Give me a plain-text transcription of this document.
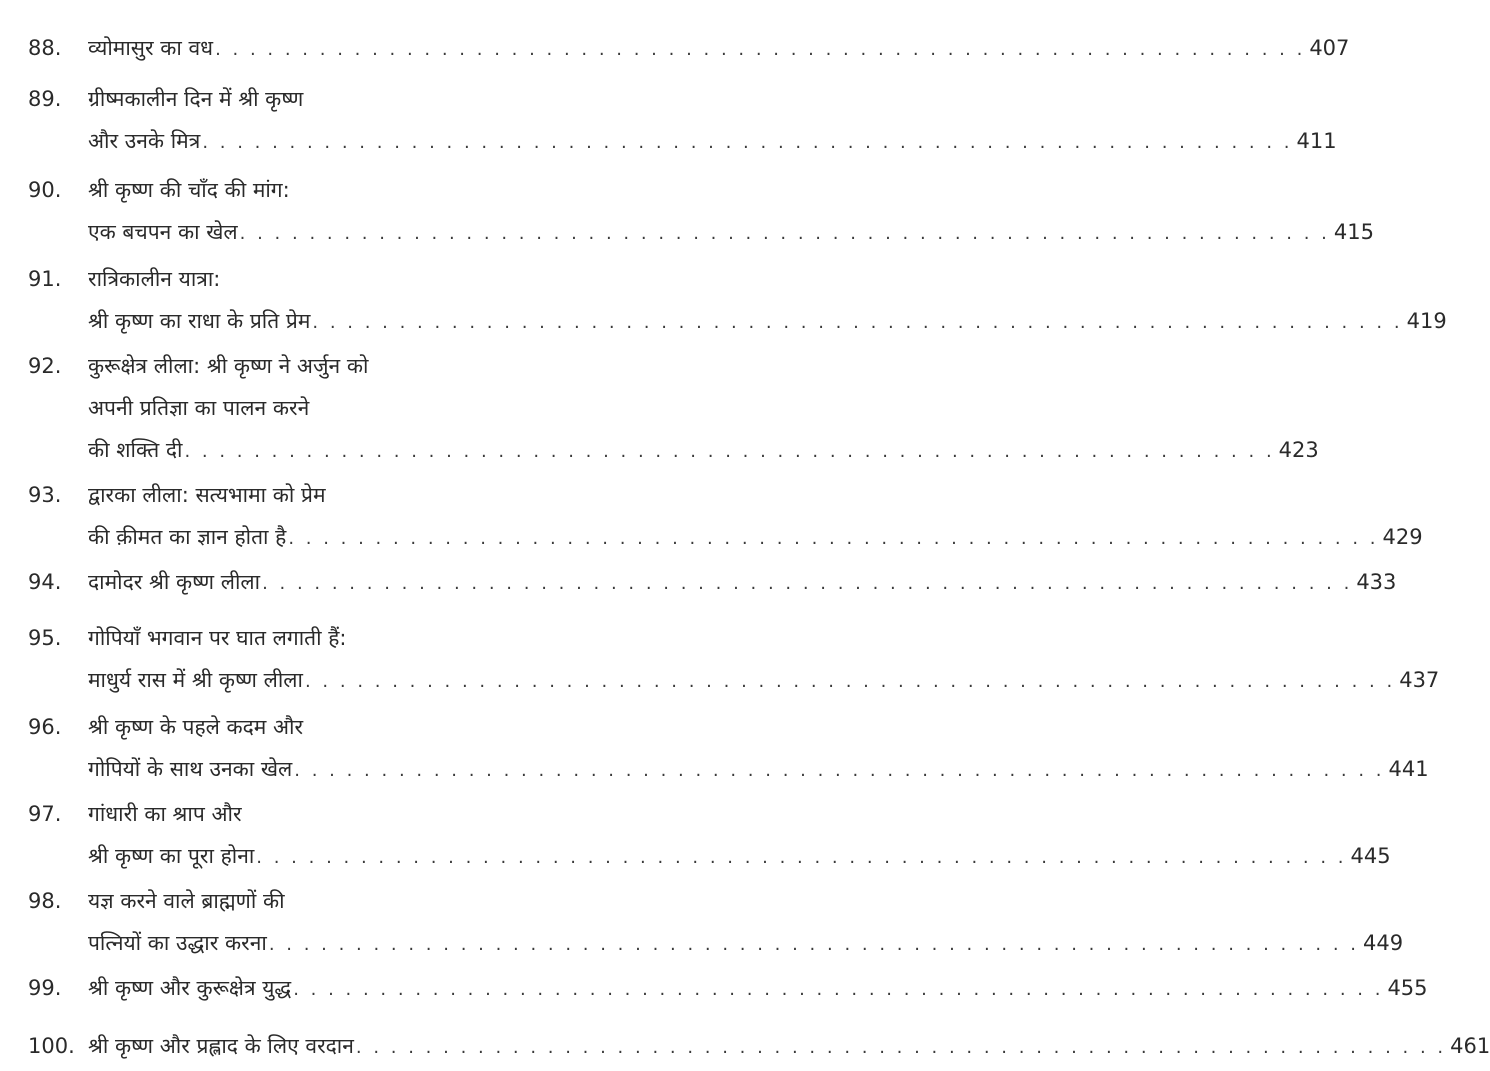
88. व्योमासुर का वध . . . . . . . . . . . . . . . . . . . . . . . . . . . . . . . . . . . . . . . . . . . . . . . . . . . . . . . . . . . . . . . 407
89. ग्रीष्मकालीन दिन में श्री कृष्ण
और उनके मित्र . . . . . . . . . . . . . . . . . . . . . . . . . . . . . . . . . . . . . . . . . . . . . . . . . . . . . . . . . . . . . . . 411
90. श्री कृष्ण की चाँद की मांग:
एक बचपन का खेल . . . . . . . . . . . . . . . . . . . . . . . . . . . . . . . . . . . . . . . . . . . . . . . . . . . . . . . . . . . . . . . 415
91. रात्रिकालीन यात्रा:
श्री कृष्ण का राधा के प्रति प्रेम . . . . . . . . . . . . . . . . . . . . . . . . . . . . . . . . . . . . . . . . . . . . . . . . . . . . . . . . . . . . . . . 419
92. कुरूक्षेत्र लीला: श्री कृष्ण ने अर्जुन को
अपनी प्रतिज्ञा का पालन करने
की शक्ति दी . . . . . . . . . . . . . . . . . . . . . . . . . . . . . . . . . . . . . . . . . . . . . . . . . . . . . . . . . . . . . . . 423
93. द्वारका लीला: सत्यभामा को प्रेम
की क़ीमत का ज्ञान होता है . . . . . . . . . . . . . . . . . . . . . . . . . . . . . . . . . . . . . . . . . . . . . . . . . . . . . . . . . . . . . . . 429
94. दामोदर श्री कृष्ण लीला . . . . . . . . . . . . . . . . . . . . . . . . . . . . . . . . . . . . . . . . . . . . . . . . . . . . . . . . . . . . . . . 433
95. गोपियाँ भगवान पर घात लगाती हैं:
माधुर्य रास में श्री कृष्ण लीला . . . . . . . . . . . . . . . . . . . . . . . . . . . . . . . . . . . . . . . . . . . . . . . . . . . . . . . . . . . . . . . 437
96. श्री कृष्ण के पहले कदम और
गोपियों के साथ उनका खेल . . . . . . . . . . . . . . . . . . . . . . . . . . . . . . . . . . . . . . . . . . . . . . . . . . . . . . . . . . . . . . . 441
97. गांधारी का श्राप और
श्री कृष्ण का पूरा होना . . . . . . . . . . . . . . . . . . . . . . . . . . . . . . . . . . . . . . . . . . . . . . . . . . . . . . . . . . . . . . . 445
98. यज्ञ करने वाले ब्राह्मणों की
पत्नियों का उद्धार करना . . . . . . . . . . . . . . . . . . . . . . . . . . . . . . . . . . . . . . . . . . . . . . . . . . . . . . . . . . . . . . . 449
99. श्री कृष्ण और कुरूक्षेत्र युद्ध . . . . . . . . . . . . . . . . . . . . . . . . . . . . . . . . . . . . . . . . . . . . . . . . . . . . . . . . . . . . . . . 455
100. श्री कृष्ण और प्रह्लाद के लिए वरदान . . . . . . . . . . . . . . . . . . . . . . . . . . . . . . . . . . . . . . . . . . . . . . . . . . . . . . . . . . . . . . . 461
